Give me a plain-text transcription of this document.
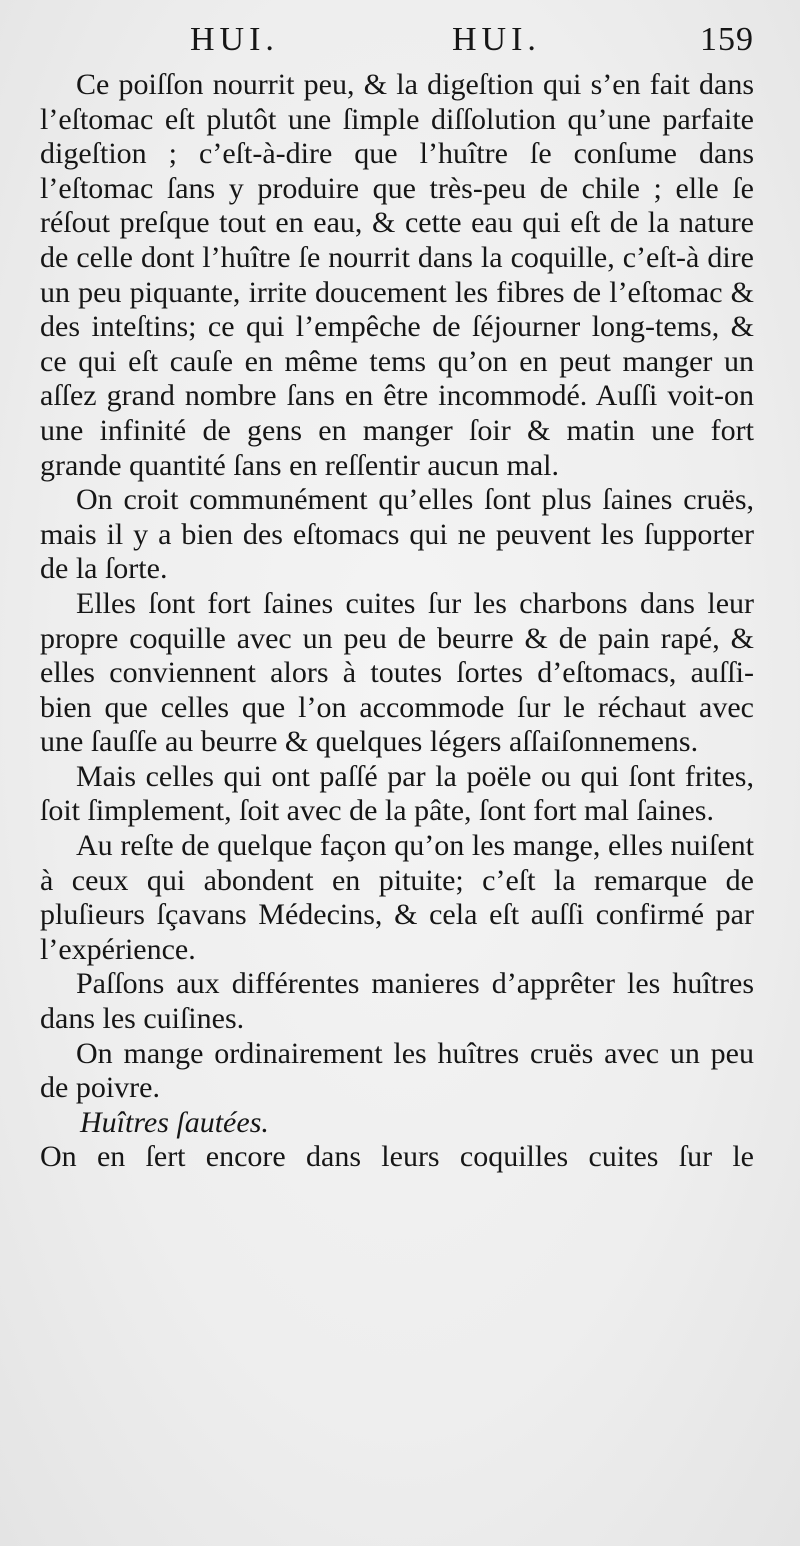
HUI.	HUI.	159

Ce poiſſon nourrit peu, & la digeſtion qui s’en fait dans l’eſtomac eſt plutôt une ſimple diſſolution qu’une parfaite digeſtion ; c’eſt-à-dire que l’huître ſe conſume dans l’eſtomac ſans y produire que très-peu de chile ; elle ſe réſout preſque tout en eau, & cette eau qui eſt de la nature de celle dont l’huître ſe nourrit dans la coquille, c’eſt-à dire un peu piquante, irrite doucement les fibres de l’eſtomac & des inteſtins; ce qui l’empêche de ſéjourner long-tems, & ce qui eſt cauſe en même tems qu’on en peut manger un aſſez grand nombre ſans en être incommodé. Auſſi voit-on une infinité de gens en manger ſoir & matin une fort grande quantité ſans en reſſentir aucun mal.

On croit communément qu’elles ſont plus ſaines cruës, mais il y a bien des eſtomacs qui ne peuvent les ſupporter de la ſorte.

Elles ſont fort ſaines cuites ſur les charbons dans leur propre coquille avec un peu de beurre & de pain rapé, & elles conviennent alors à toutes ſortes d’eſtomacs, auſſi-bien que celles que l’on accommode ſur le réchaut avec une ſauſſe au beurre & quelques légers aſſaiſonnemens.

Mais celles qui ont paſſé par la poële ou qui ſont frites, ſoit ſimplement, ſoit avec de la pâte, ſont fort mal ſaines.

Au reſte de quelque façon qu’on les mange, elles nuiſent à ceux qui abondent en pituite; c’eſt la remarque de pluſieurs ſçavans Médecins, & cela eſt auſſi confirmé par l’expérience.

Paſſons aux différentes manieres d’apprêter les huîtres dans les cuiſines.

On mange ordinairement les huîtres cruës avec un peu de poivre.

Huîtres ſautées.

On en ſert encore dans leurs coquilles cuites ſur le
